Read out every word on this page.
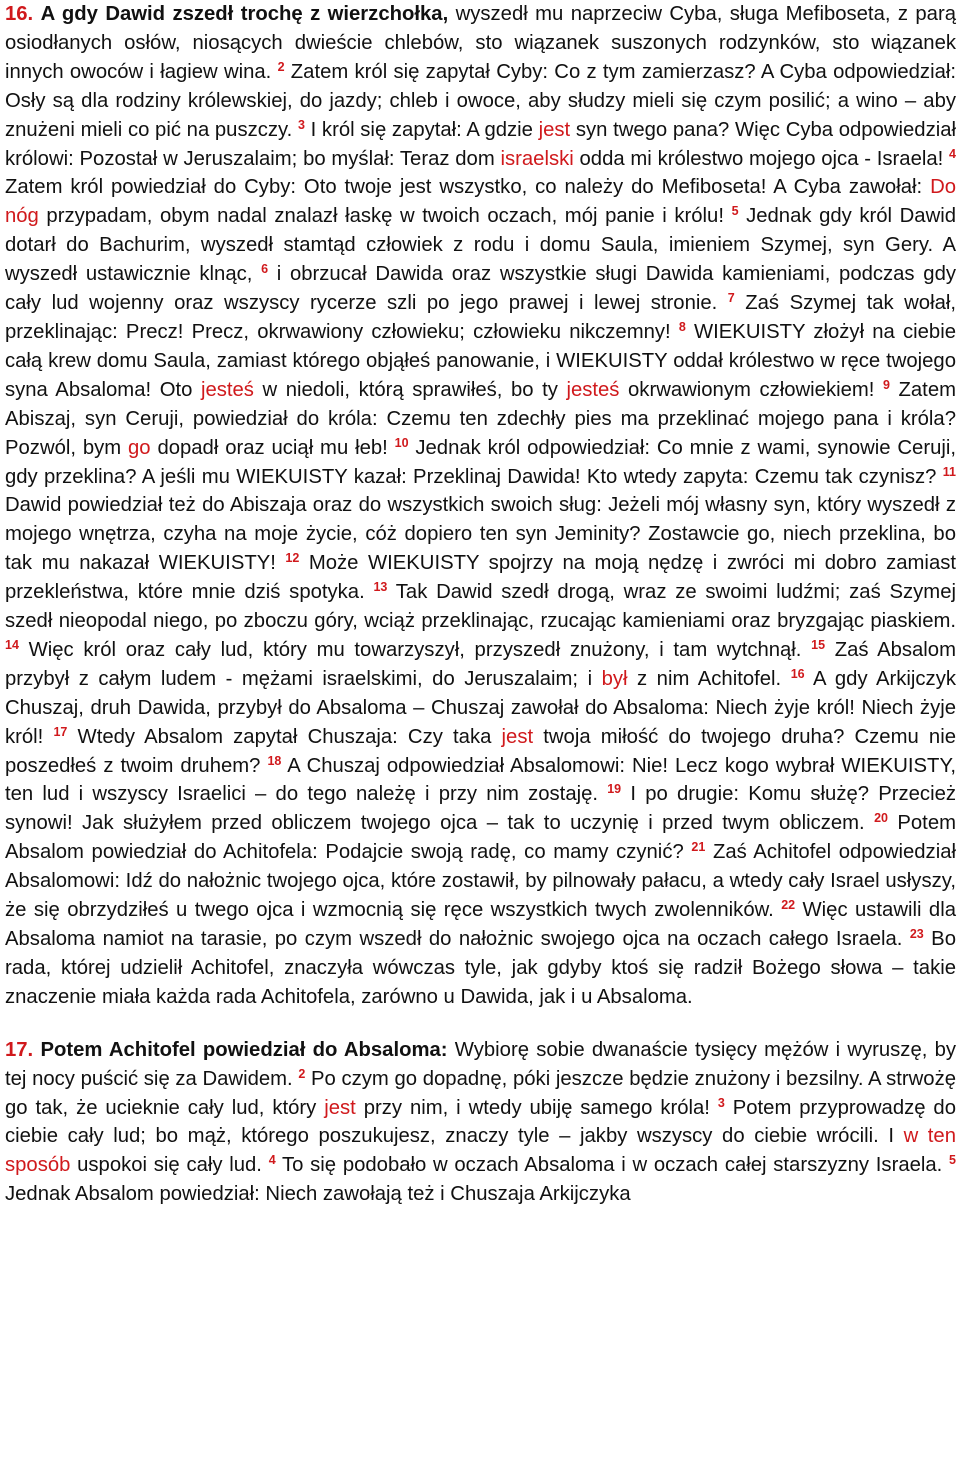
16. A gdy Dawid zszedł trochę z wierzchołka, wyszedł mu naprzeciw Cyba, sługa Mefiboseta, z parą osiodłanych osłów, niosących dwieście chlebów, sto wiązanek suszonych rodzynków, sto wiązanek innych owoców i łagiew wina. $^2$ Zatem król się zapytał Cyby: Co z tym zamierzasz? A Cyba odpowiedział: Osły są dla rodziny królewskiej, do jazdy; chleb i owoce, aby słudzy mieli się czym posilić; a wino – aby znużeni mieli co pić na puszczy. $^3$ I król się zapytał: A gdzie jest syn twego pana? Więc Cyba odpowiedział królowi: Pozostał w Jeruszalaim; bo myślał: Teraz dom israelski odda mi królestwo mojego ojca - Israela! $^4$ Zatem król powiedział do Cyby: Oto twoje jest wszystko, co należy do Mefiboseta! A Cyba zawołał: Do nóg przypadam, obym nadal znalazł łaskę w twoich oczach, mój panie i królu! $^5$ Jednak gdy król Dawid dotarł do Bachurim, wyszedł stamtąd człowiek z rodu i domu Saula, imieniem Szymej, syn Gery. A wyszedł ustawicznie klnąc, $^6$ i obrzucał Dawida oraz wszystkie sługi Dawida kamieniami, podczas gdy cały lud wojenny oraz wszyscy rycerze szli po jego prawej i lewej stronie. $^7$ Zaś Szymej tak wołał, przeklinając: Precz! Precz, okrwawiony człowieku; człowieku nikczemny! $^8$ WIEKUISTY złożył na ciebie całą krew domu Saula, zamiast którego objąłeś panowanie, i WIEKUISTY oddał królestwo w ręce twojego syna Absaloma! Oto jesteś w niedoli, którą sprawiłeś, bo ty jesteś okrwawionym człowiekiem! $^9$ Zatem Abiszaj, syn Ceruji, powiedział do króla: Czemu ten zdechły pies ma przeklinać mojego pana i króla? Pozwól, bym go dopadł oraz uciął mu łeb! $^{10}$ Jednak król odpowiedział: Co mnie z wami, synowie Ceruji, gdy przeklina? A jeśli mu WIEKUISTY kazał: Przeklinaj Dawida! Kto wtedy zapyta: Czemu tak czynisz? $^{11}$ Dawid powiedział też do Abiszaja oraz do wszystkich swoich sług: Jeżeli mój własny syn, który wyszedł z mojego wnętrza, czyha na moje życie, cóż dopiero ten syn Jeminity? Zostawcie go, niech przeklina, bo tak mu nakazał WIEKUISTY! $^{12}$ Może WIEKUISTY spojrzy na moją nędzę i zwróci mi dobro zamiast przekleństwa, które mnie dziś spotyka. $^{13}$ Tak Dawid szedł drogą, wraz ze swoimi ludźmi; zaś Szymej szedł nieopodal niego, po zboczu góry, wciąż przeklinając, rzucając kamieniami oraz bryzgając piaskiem. $^{14}$ Więc król oraz cały lud, który mu towarzyszył, przyszedł znużony, i tam wytchnął. $^{15}$ Zaś Absalom przybył z całym ludem - mężami israelskimi, do Jeruszalaim; i był z nim Achitofel. $^{16}$ A gdy Arkijczyk Chuszaj, druh Dawida, przybył do Absaloma – Chuszaj zawołał do Absaloma: Niech żyje król! Niech żyje król! $^{17}$ Wtedy Absalom zapytał Chuszaja: Czy taka jest twoja miłość do twojego druha? Czemu nie poszedłeś z twoim druhem? $^{18}$ A Chuszaj odpowiedział Absalomowi: Nie! Lecz kogo wybrał WIEKUISTY, ten lud i wszyscy Israelici – do tego należę i przy nim zostaję. $^{19}$ I po drugie: Komu służę? Przecież synowi! Jak służyłem przed obliczem twojego ojca – tak to uczynię i przed twym obliczem. $^{20}$ Potem Absalom powiedział do Achitofela: Podajcie swoją radę, co mamy czynić? $^{21}$ Zaś Achitofel odpowiedział Absalomowi: Idź do nałożnic twojego ojca, które zostawił, by pilnowały pałacu, a wtedy cały Israel usłyszy, że się obrzydziłeś u twego ojca i wzmocnią się ręce wszystkich twych zwolenników. $^{22}$ Więc ustawili dla Absaloma namiot na tarasie, po czym wszedł do nałożnic swojego ojca na oczach całego Israela. $^{23}$ Bo rada, której udzielił Achitofel, znaczyła wówczas tyle, jak gdyby ktoś się radził Bożego słowa – takie znaczenie miała każda rada Achitofela, zarówno u Dawida, jak i u Absaloma.

17. Potem Achitofel powiedział do Absaloma: Wybiorę sobie dwanaście tysięcy mężów i wyruszę, by tej nocy puścić się za Dawidem. $^2$ Po czym go dopadnę, póki jeszcze będzie znużony i bezsilny. A strwożę go tak, że ucieknie cały lud, który jest przy nim, i wtedy ubiję samego króla! $^3$ Potem przyprowadzę do ciebie cały lud; bo mąż, którego poszukujesz, znaczy tyle – jakby wszyscy do ciebie wrócili. I w ten sposób uspokoi się cały lud. $^4$ To się podobało w oczach Absaloma i w oczach całej starszyzny Israela. $^5$ Jednak Absalom powiedział: Niech zawołają też i Chuszaja Arkijczyka
